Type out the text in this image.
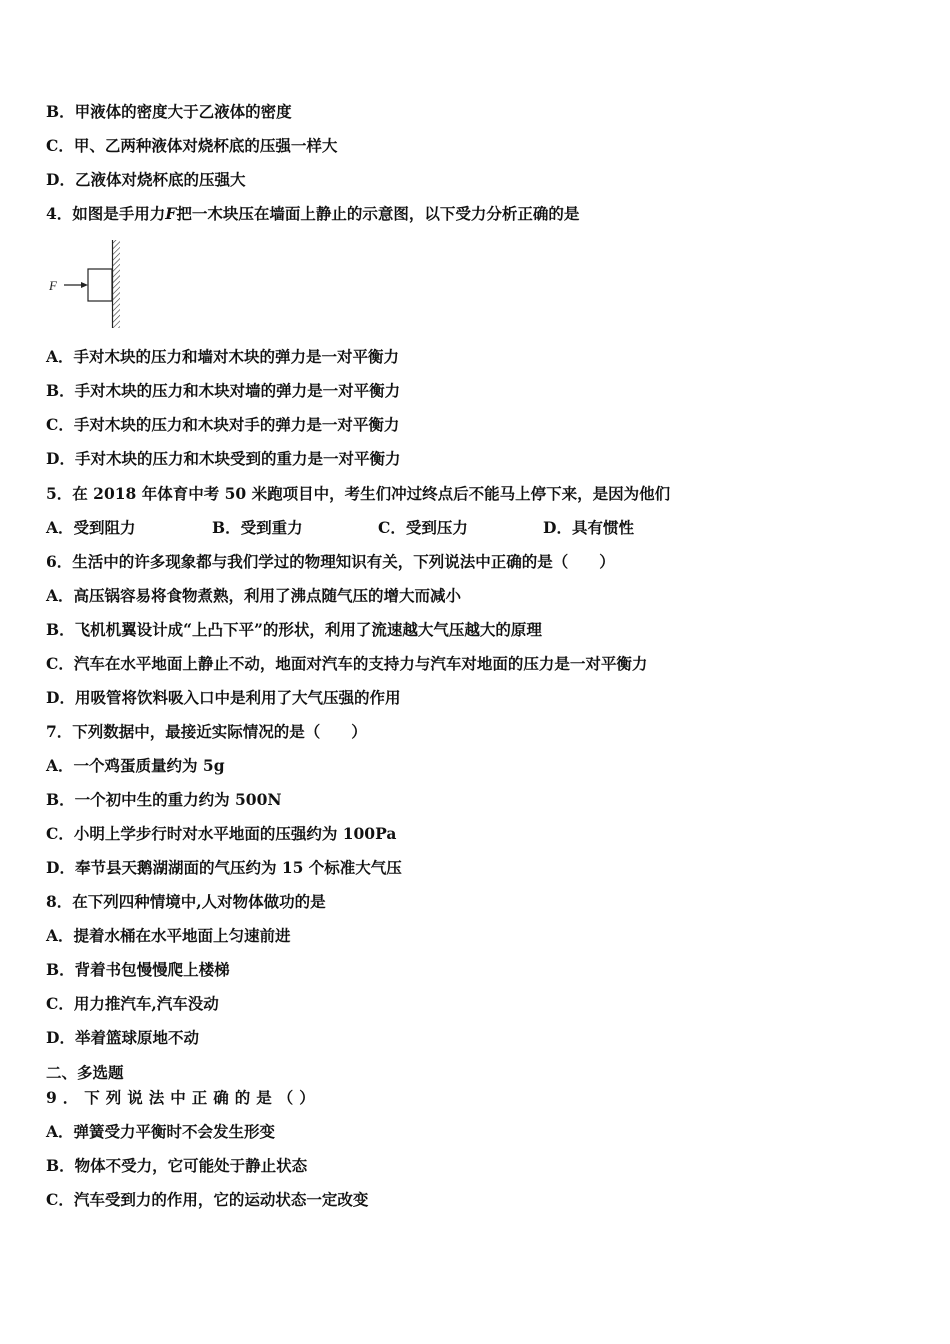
B．甲液体的密度大于乙液体的密度
C．甲、乙两种液体对烧杯底的压强一样大
D．乙液体对烧杯底的压强大
4．如图是手用力F把一木块压在墙面上静止的示意图，以下受力分析正确的是
F
A．手对木块的压力和墙对木块的弹力是一对平衡力
B．手对木块的压力和木块对墙的弹力是一对平衡力
C．手对木块的压力和木块对手的弹力是一对平衡力
D．手对木块的压力和木块受到的重力是一对平衡力
5．在 2018 年体育中考 50 米跑项目中，考生们冲过终点后不能马上停下来，是因为他们
A．受到阻力	B．受到重力	C．受到压力	D．具有惯性
6．生活中的许多现象都与我们学过的物理知识有关，下列说法中正确的是（　　）
A．高压锅容易将食物煮熟，利用了沸点随气压的增大而减小
B．飞机机翼设计成“上凸下平”的形状，利用了流速越大气压越大的原理
C．汽车在水平地面上静止不动，地面对汽车的支持力与汽车对地面的压力是一对平衡力
D．用吸管将饮料吸入口中是利用了大气压强的作用
7．下列数据中，最接近实际情况的是（　　）
A．一个鸡蛋质量约为 5g
B．一个初中生的重力约为 500N
C．小明上学步行时对水平地面的压强约为 100Pa
D．奉节县天鹅湖湖面的气压约为 15 个标准大气压
8．在下列四种情境中,人对物体做功的是
A．提着水桶在水平地面上匀速前进
B．背着书包慢慢爬上楼梯
C．用力推汽车,汽车没动
D．举着篮球原地不动
二、多选题
9．下列说法中正确的是（）
A．弹簧受力平衡时不会发生形变
B．物体不受力，它可能处于静止状态
C．汽车受到力的作用，它的运动状态一定改变
